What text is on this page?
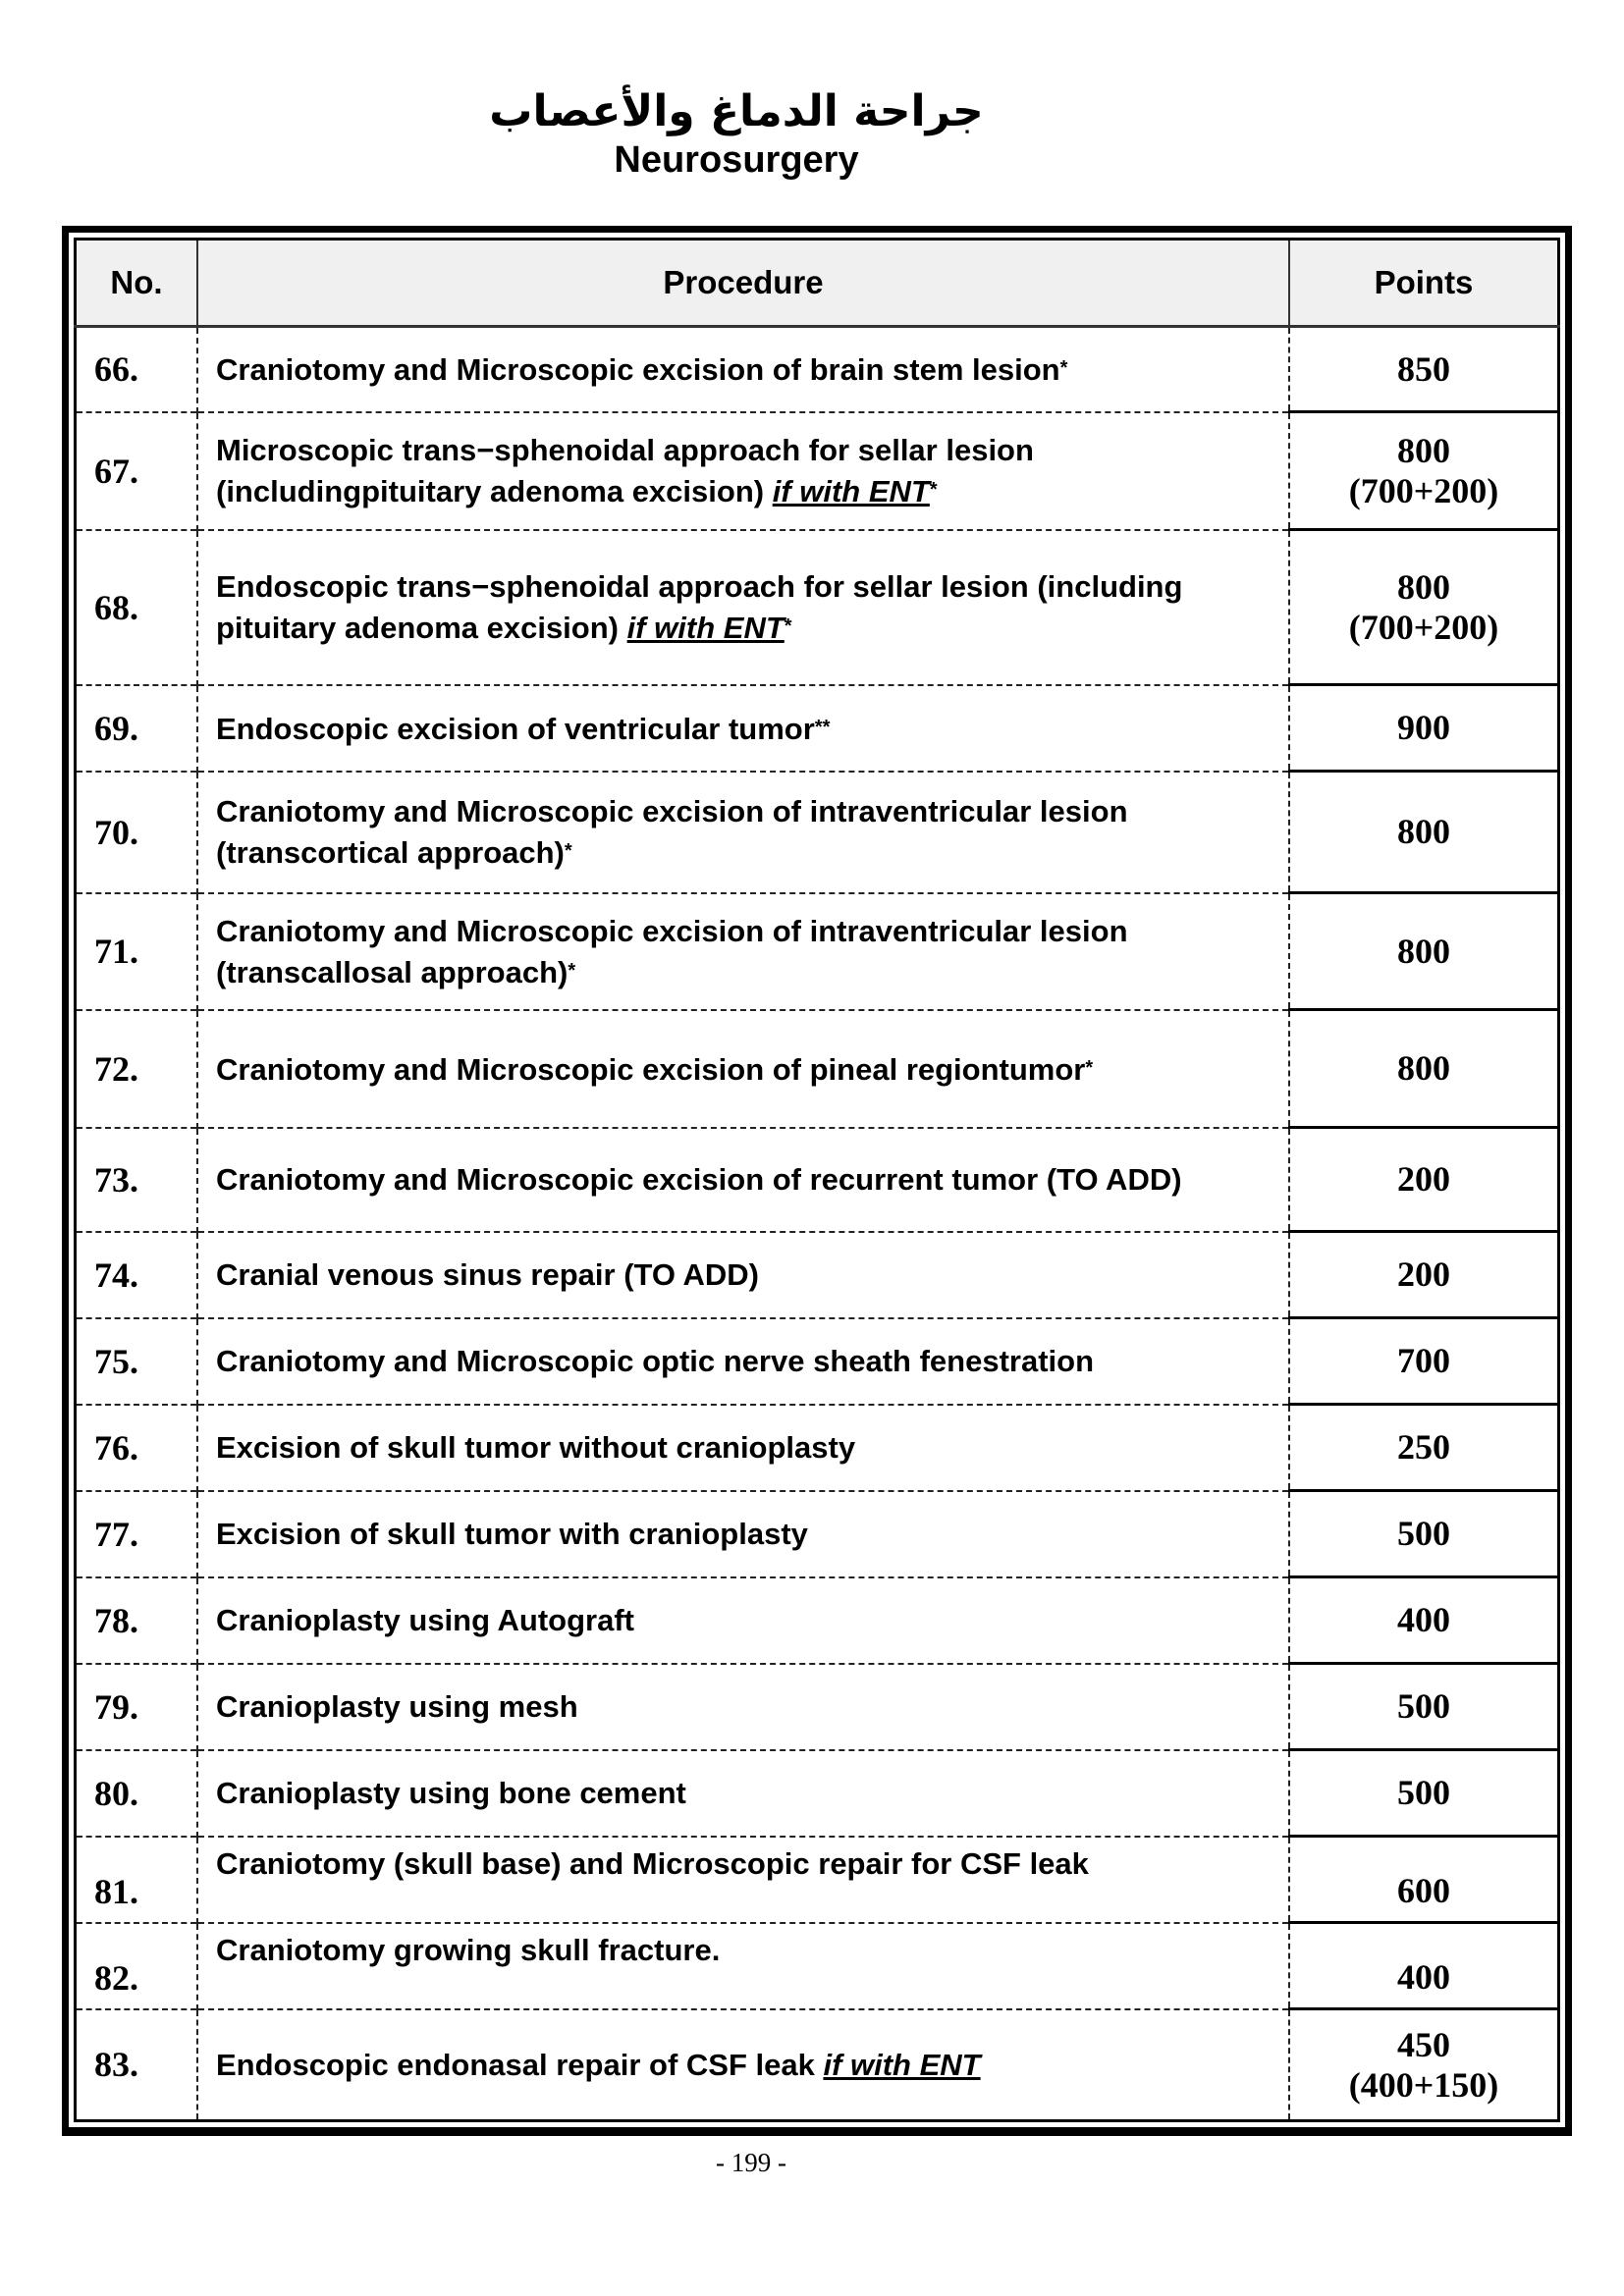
جراحة الدماغ والأعصاب
Neurosurgery
No.	Procedure	Points
66.	Craniotomy and Microscopic excision of brain stem lesion*	850

67.	Microscopic trans−sphenoidal approach for sellar lesion (includingpituitary adenoma excision) if with ENT*	800
(700+200)

68.	Endoscopic trans−sphenoidal approach for sellar lesion (including pituitary adenoma excision) if with ENT*	800
(700+200)

69.	Endoscopic excision of ventricular tumor**	900

70.	Craniotomy and Microscopic excision of intraventricular lesion (transcortical approach)*	800

71.	Craniotomy and Microscopic excision of intraventricular lesion (transcallosal approach)*	800

72.	Craniotomy and Microscopic excision of pineal regiontumor*	800

73.	Craniotomy and Microscopic excision of recurrent tumor (TO ADD)	200

74.	Cranial venous sinus repair (TO ADD)	200

75.	Craniotomy and Microscopic optic nerve sheath fenestration	700

76.	Excision of skull tumor without cranioplasty	250

77.	Excision of skull tumor with cranioplasty	500

78.	Cranioplasty using Autograft	400

79.	Cranioplasty using mesh	500

80.	Cranioplasty using bone cement	500

81.	Craniotomy (skull base) and Microscopic repair for CSF leak	600

82.	Craniotomy growing skull fracture.	400

83.	Endoscopic endonasal repair of CSF leak if with ENT	450
(400+150)
- 199 -
